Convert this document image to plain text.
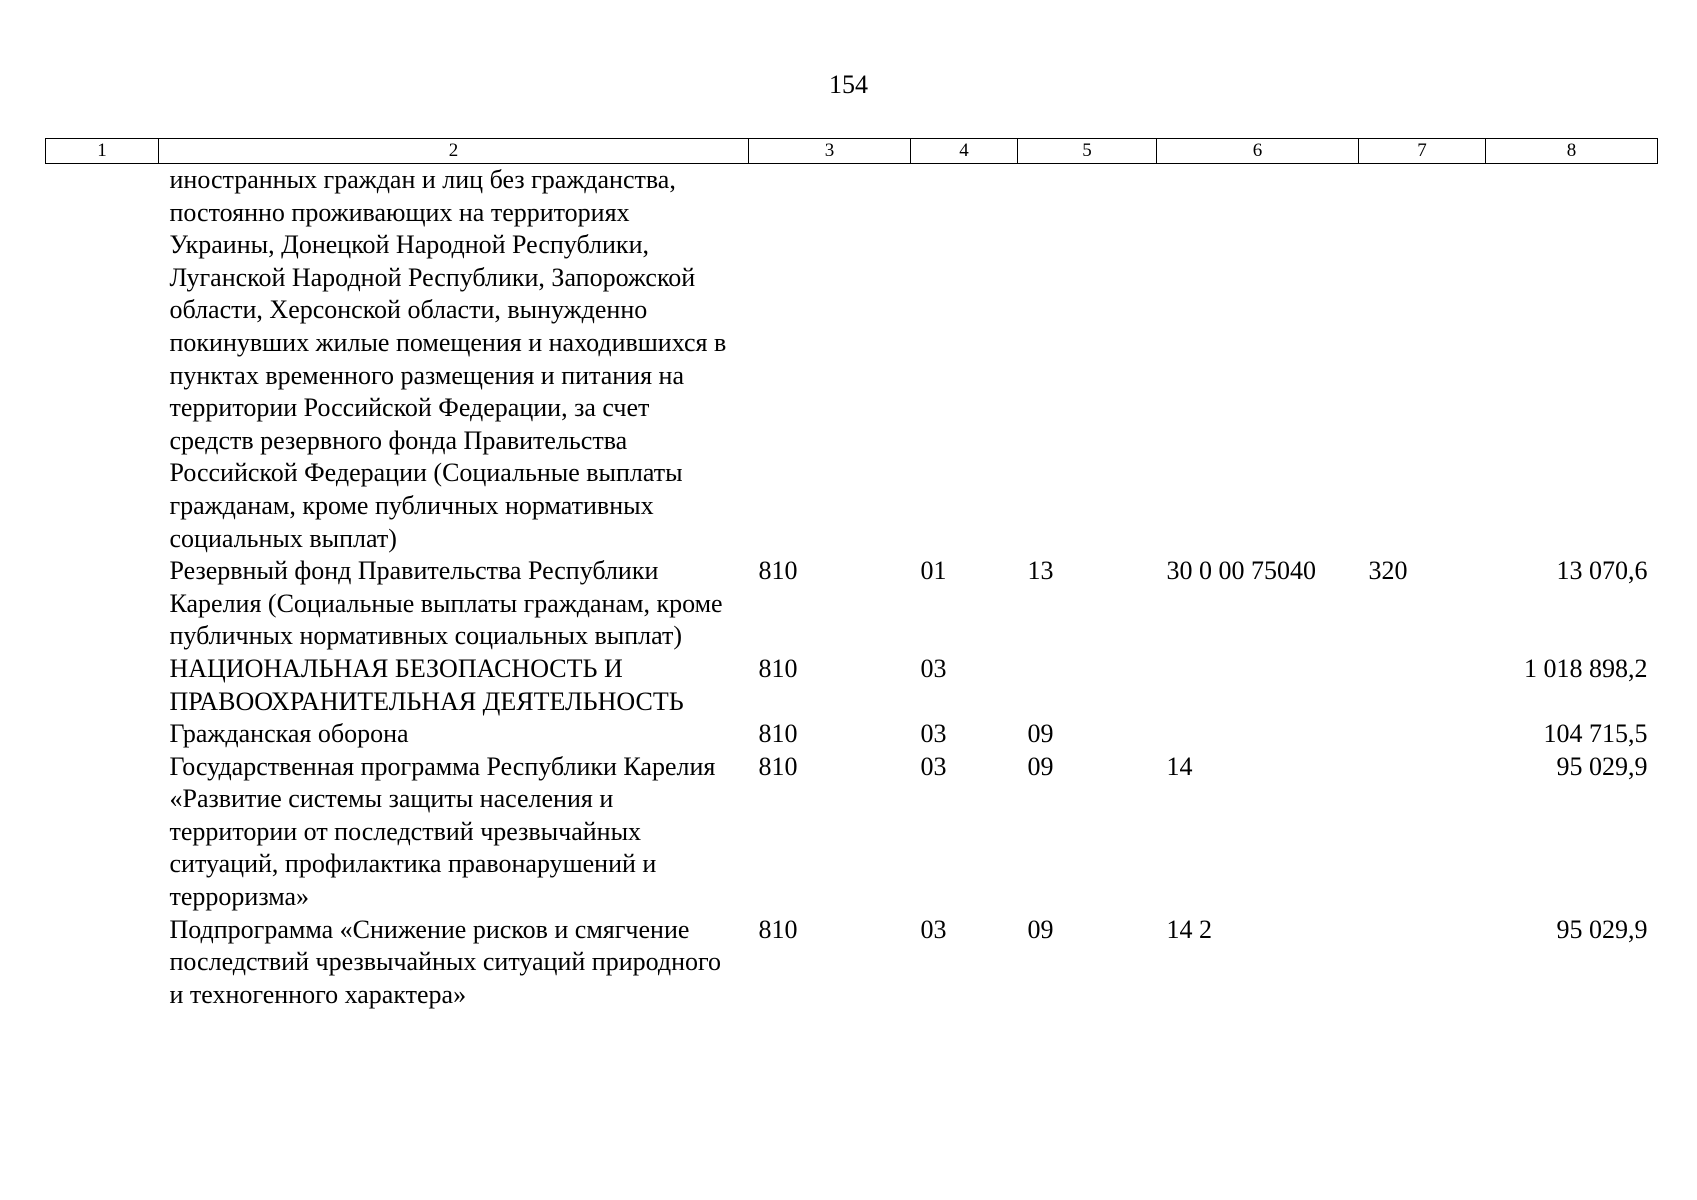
154
1	2	3	4	5	6	7	8
	иностранных граждан и лиц без гражданства, постоянно проживающих на территориях Украины, Донецкой Народной Республики, Луганской Народной Республики, Запорожской области, Херсонской области, вынужденно покинувших жилые помещения и находившихся в пунктах временного размещения и питания на территории Российской Федерации, за счет средств резервного фонда Правительства Российской Федерации (Социальные выплаты гражданам, кроме публичных нормативных социальных выплат)						
	Резервный фонд Правительства Республики Карелия (Социальные выплаты гражданам, кроме публичных нормативных социальных выплат)	810	01	13	30 0 00 75040	320	13 070,6
	НАЦИОНАЛЬНАЯ БЕЗОПАСНОСТЬ И ПРАВООХРАНИТЕЛЬНАЯ ДЕЯТЕЛЬНОСТЬ	810	03				1 018 898,2
	Гражданская оборона	810	03	09			104 715,5
	Государственная программа Республики Карелия «Развитие системы защиты населения и территории от последствий чрезвычайных ситуаций, профилактика правонарушений и терроризма»	810	03	09	14		95 029,9
	Подпрограмма «Снижение рисков и смягчение последствий чрезвычайных ситуаций природного и техногенного характера»	810	03	09	14 2		95 029,9
